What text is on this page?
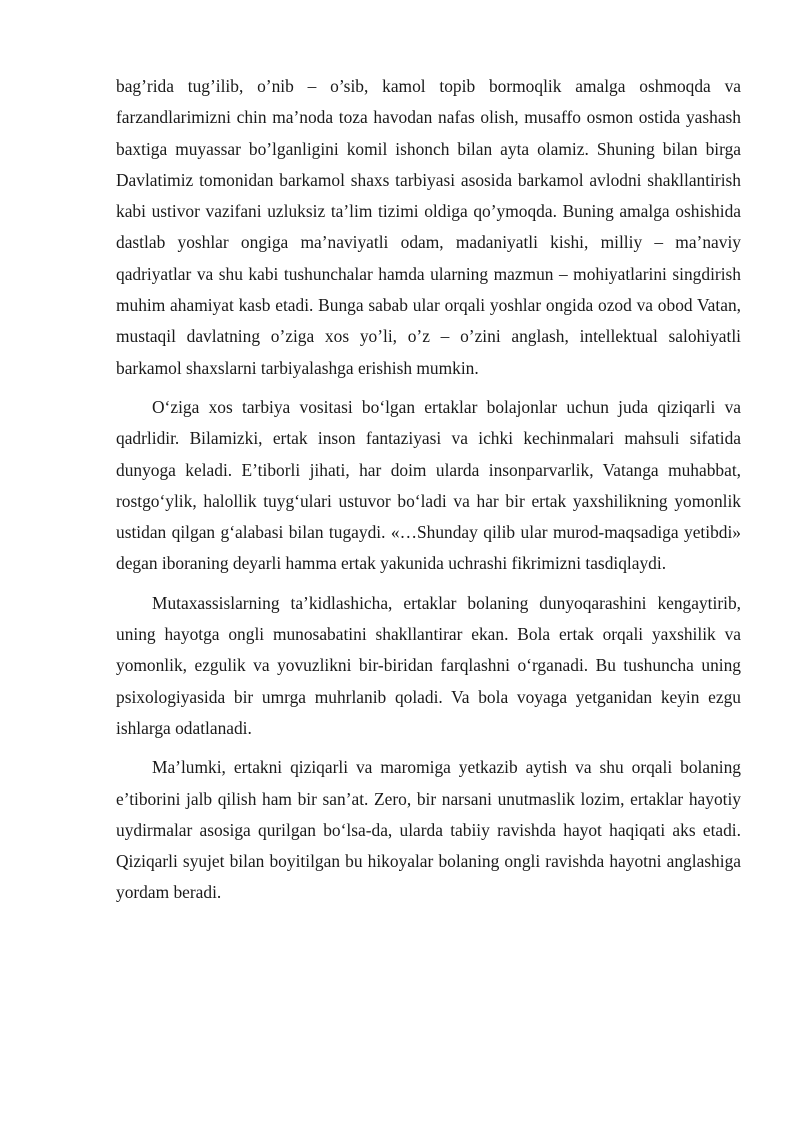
bag’rida tug’ilib, o’nib – o’sib, kamol topib bormoqlik amalga oshmoqda va farzandlarimizni chin ma’noda toza havodan nafas olish, musaffo osmon ostida yashash baxtiga muyassar bo’lganligini komil ishonch bilan ayta olamiz. Shuning bilan birga Davlatimiz tomonidan barkamol shaxs tarbiyasi asosida barkamol avlodni shakllantirish kabi ustivor vazifani uzluksiz ta’lim tizimi oldiga qo’ymoqda. Buning amalga oshishida dastlab yoshlar ongiga ma’naviyatli odam, madaniyatli kishi, milliy – ma’naviy qadriyatlar va shu kabi tushunchalar hamda ularning mazmun – mohiyatlarini singdirish muhim ahamiyat kasb etadi. Bunga sabab ular orqali yoshlar ongida ozod va obod Vatan, mustaqil davlatning o’ziga xos yo’li, o’z – o’zini anglash, intellektual salohiyatli barkamol shaxslarni tarbiyalashga erishish mumkin.

O‘ziga xos tarbiya vositasi bo‘lgan ertaklar bolajonlar uchun juda qiziqarli va qadrlidir. Bilamizki, ertak inson fantaziyasi va ichki kechinmalari mahsuli sifatida dunyoga keladi. E’tiborli jihati, har doim ularda insonparvarlik, Vatanga muhabbat, rostgo‘ylik, halollik tuyg‘ulari ustuvor bo‘ladi va har bir ertak yaxshilikning yomonlik ustidan qilgan g‘alabasi bilan tugaydi. «…Shunday qilib ular murod-maqsadiga yetibdi» degan iboraning deyarli hamma ertak yakunida uchrashi fikrimizni tasdiqlaydi.

Mutaxassislarning ta’kidlashicha, ertaklar bolaning dunyoqarashini kengaytirib, uning hayotga ongli munosabatini shakllantirar ekan. Bola ertak orqali yaxshilik va yomonlik, ezgulik va yovuzlikni bir-biridan farqlashni o‘rganadi. Bu tushuncha uning psixologiyasida bir umrga muhrlanib qoladi. Va bola voyaga yetganidan keyin ezgu ishlarga odatlanadi.

Ma’lumki, ertakni qiziqarli va maromiga yetkazib aytish va shu orqali bolaning e’tiborini jalb qilish ham bir san’at. Zero, bir narsani unutmaslik lozim, ertaklar hayotiy uydirmalar asosiga qurilgan bo‘lsa-da, ularda tabiiy ravishda hayot haqiqati aks etadi. Qiziqarli syujet bilan boyitilgan bu hikoyalar bolaning ongli ravishda hayotni anglashiga yordam beradi.
